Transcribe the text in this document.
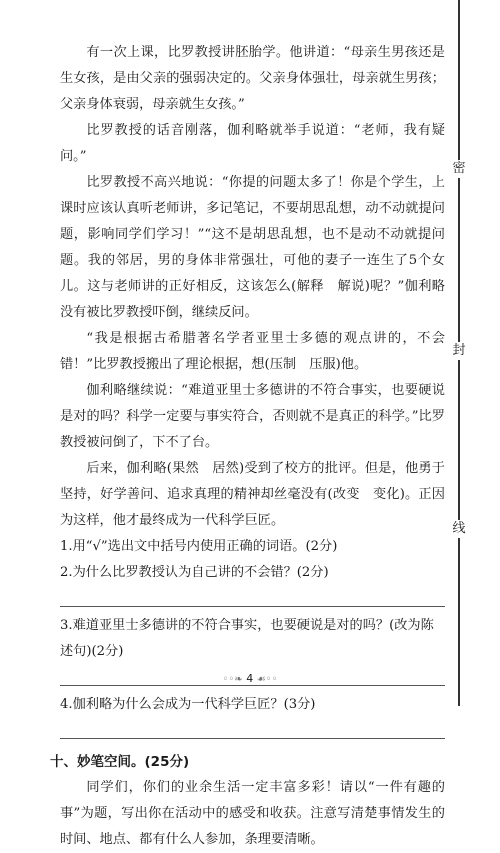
有一次上课，比罗教授讲胚胎学。他讲道：“母亲生男孩还是生女孩，是由父亲的强弱决定的。父亲身体强壮，母亲就生男孩；父亲身体衰弱，母亲就生女孩。”

比罗教授的话音刚落，伽利略就举手说道：“老师，我有疑问。”

比罗教授不高兴地说：“你提的问题太多了！你是个学生，上课时应该认真听老师讲，多记笔记，不要胡思乱想，动不动就提问题，影响同学们学习！”“这不是胡思乱想，也不是动不动就提问题。我的邻居，男的身体非常强壮，可他的妻子一连生了5个女儿。这与老师讲的正好相反，这该怎么(解释　解说)呢？”伽利略没有被比罗教授吓倒，继续反问。

“我是根据古希腊著名学者亚里士多德的观点讲的，不会错！”比罗教授搬出了理论根据，想(压制　压服)他。

伽利略继续说：“难道亚里士多德讲的不符合事实，也要硬说是对的吗？科学一定要与事实符合，否则就不是真正的科学。”比罗教授被问倒了，下不了台。

后来，伽利略(果然　居然)受到了校方的批评。但是，他勇于坚持，好学善问、追求真理的精神却丝毫没有(改变　变化)。正因为这样，他才最终成为一代科学巨匠。

1.用“√”选出文中括号内使用正确的词语。(2分)

2.为什么比罗教授认为自己讲的不会错？(2分)

3.难道亚里士多德讲的不符合事实，也要硬说是对的吗？(改为陈述句)(2分)

4.伽利略为什么会成为一代科学巨匠？(3分)

十、妙笔空间。(25分)

同学们，你们的业余生活一定丰富多彩！请以“一件有趣的事”为题，写出你在活动中的感受和收获。注意写清楚事情发生的时间、地点、都有什么人参加，条理要清晰。

密
封
线
◦◦❧ 4 ☙◦◦
